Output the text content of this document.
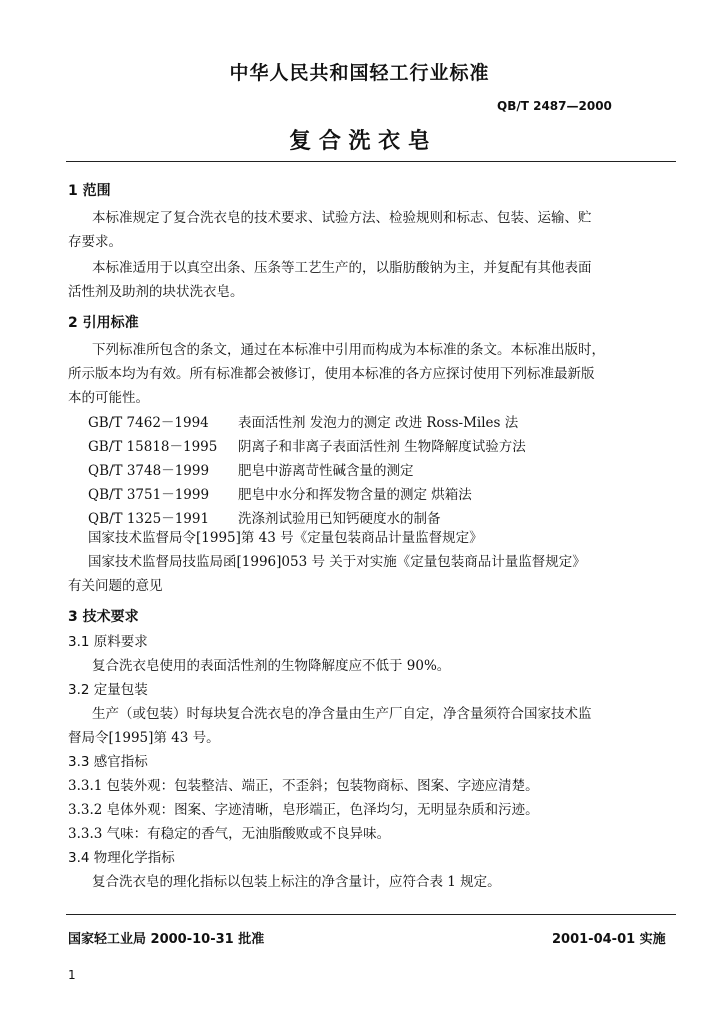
中华人民共和国轻工行业标准
QB/T 2487—2000
复 合 洗 衣 皂
1 范围
本标准规定了复合洗衣皂的技术要求、试验方法、检验规则和标志、包装、运输、贮
存要求。
本标准适用于以真空出条、压条等工艺生产的，以脂肪酸钠为主，并复配有其他表面
活性剂及助剂的块状洗衣皂。
2 引用标准
下列标准所包含的条文，通过在本标准中引用而构成为本标准的条文。本标准出版时，
所示版本均为有效。所有标准都会被修订，使用本标准的各方应探讨使用下列标准最新版
本的可能性。
GB/T 7462－1994 表面活性剂 发泡力的测定 改进 Ross-Miles 法
GB/T 15818－1995 阴离子和非离子表面活性剂 生物降解度试验方法
QB/T 3748－1999 肥皂中游离苛性碱含量的测定
QB/T 3751－1999 肥皂中水分和挥发物含量的测定 烘箱法
QB/T 1325－1991 洗涤剂试验用已知钙硬度水的制备
国家技术监督局令[1995]第 43 号《定量包装商品计量监督规定》
国家技术监督局技监局函[1996]053 号 关于对实施《定量包装商品计量监督规定》
有关问题的意见
3 技术要求
3.1 原料要求
复合洗衣皂使用的表面活性剂的生物降解度应不低于 90%。
3.2 定量包装
生产（或包装）时每块复合洗衣皂的净含量由生产厂自定，净含量须符合国家技术监
督局令[1995]第 43 号。
3.3 感官指标
3.3.1 包装外观：包装整洁、端正，不歪斜；包装物商标、图案、字迹应清楚。
3.3.2 皂体外观：图案、字迹清晰，皂形端正，色泽均匀，无明显杂质和污迹。
3.3.3 气味：有稳定的香气，无油脂酸败或不良异味。
3.4 物理化学指标
复合洗衣皂的理化指标以包装上标注的净含量计，应符合表 1 规定。
国家轻工业局 2000-10-31 批准	2001-04-01 实施
1
